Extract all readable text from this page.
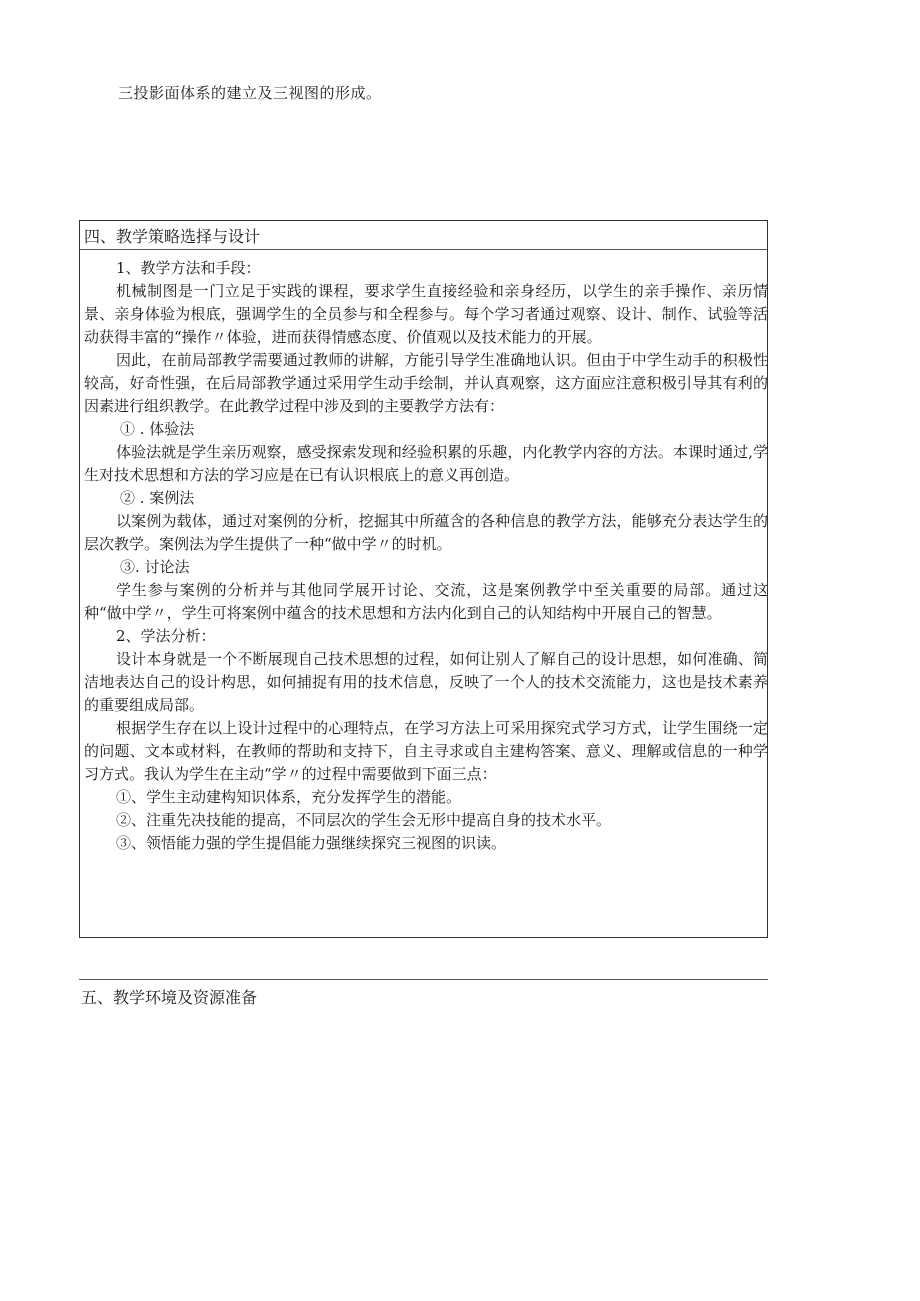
三投影面体系的建立及三视图的形成。
四、教学策略选择与设计

1、教学方法和手段：

机械制图是一门立足于实践的课程，要求学生直接经验和亲身经历，以学生的亲手操作、亲历情景、亲身体验为根底，强调学生的全员参与和全程参与。每个学习者通过观察、设计、制作、试验等活动获得丰富的“操作〃体验，进而获得情感态度、价值观以及技术能力的开展。

因此，在前局部教学需要通过教师的讲解，方能引导学生准确地认识。但由于中学生动手的积极性较高，好奇性强，在后局部教学通过采用学生动手绘制，并认真观察，这方面应注意积极引导其有利的因素进行组织教学。在此教学过程中涉及到的主要教学方法有：

① . 体验法

体验法就是学生亲历观察，感受探索发现和经验积累的乐趣，内化教学内容的方法。本课时通过,学生对技术思想和方法的学习应是在已有认识根底上的意义再创造。

② . 案例法

以案例为载体，通过对案例的分析，挖掘其中所蕴含的各种信息的教学方法，能够充分表达学生的层次教学。案例法为学生提供了一种“做中学〃的时机。

③. 讨论法

学生参与案例的分析并与其他同学展开讨论、交流，这是案例教学中至关重要的局部。通过这种“做中学〃，学生可将案例中蕴含的技术思想和方法内化到自己的认知结构中开展自己的智慧。

2、学法分析：

设计本身就是一个不断展现自己技术思想的过程，如何让别人了解自己的设计思想，如何准确、简洁地表达自己的设计构思，如何捕捉有用的技术信息，反映了一个人的技术交流能力，这也是技术素养的重要组成局部。

根据学生存在以上设计过程中的心理特点，在学习方法上可采用探究式学习方式，让学生围绕一定的问题、文本或材料，在教师的帮助和支持下，自主寻求或自主建构答案、意义、理解或信息的一种学习方式。我认为学生在主动“学〃的过程中需要做到下面三点：

①、学生主动建构知识体系，充分发挥学生的潜能。

②、注重先决技能的提高，不同层次的学生会无形中提高自身的技术水平。

③、领悟能力强的学生提倡能力强继续探究三视图的识读。

五、教学环境及资源准备
